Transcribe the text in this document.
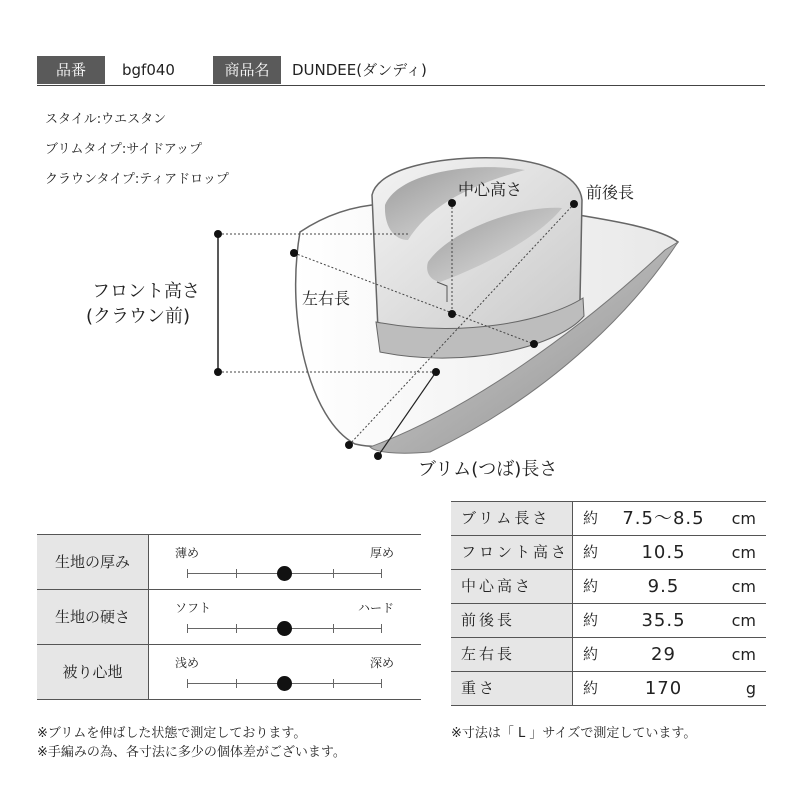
品番	bgf040	商品名	DUNDEE(ダンディ)
スタイル:ウエスタン
ブリムタイプ:サイドアップ
クラウンタイプ:ティアドロップ
中心高さ	前後長
左右長
フロント高さ
(クラウン前)
ブリム(つば)長さ
生地の厚み	薄め	厚め
生地の硬さ	ソフト	ハード
被り心地	浅め	深め
ブリム長さ	約	7.5〜8.5	cm
フロント高さ 約	10.5	cm
中心高さ	約	9.5	cm
前後長	約	35.5	cm
左右長	約	29	cm
重さ	約	170	g
※ブリムを伸ばした状態で測定しております。
※手編みの為、各寸法に多少の個体差がございます。
※寸法は「 L 」サイズで測定しています。
